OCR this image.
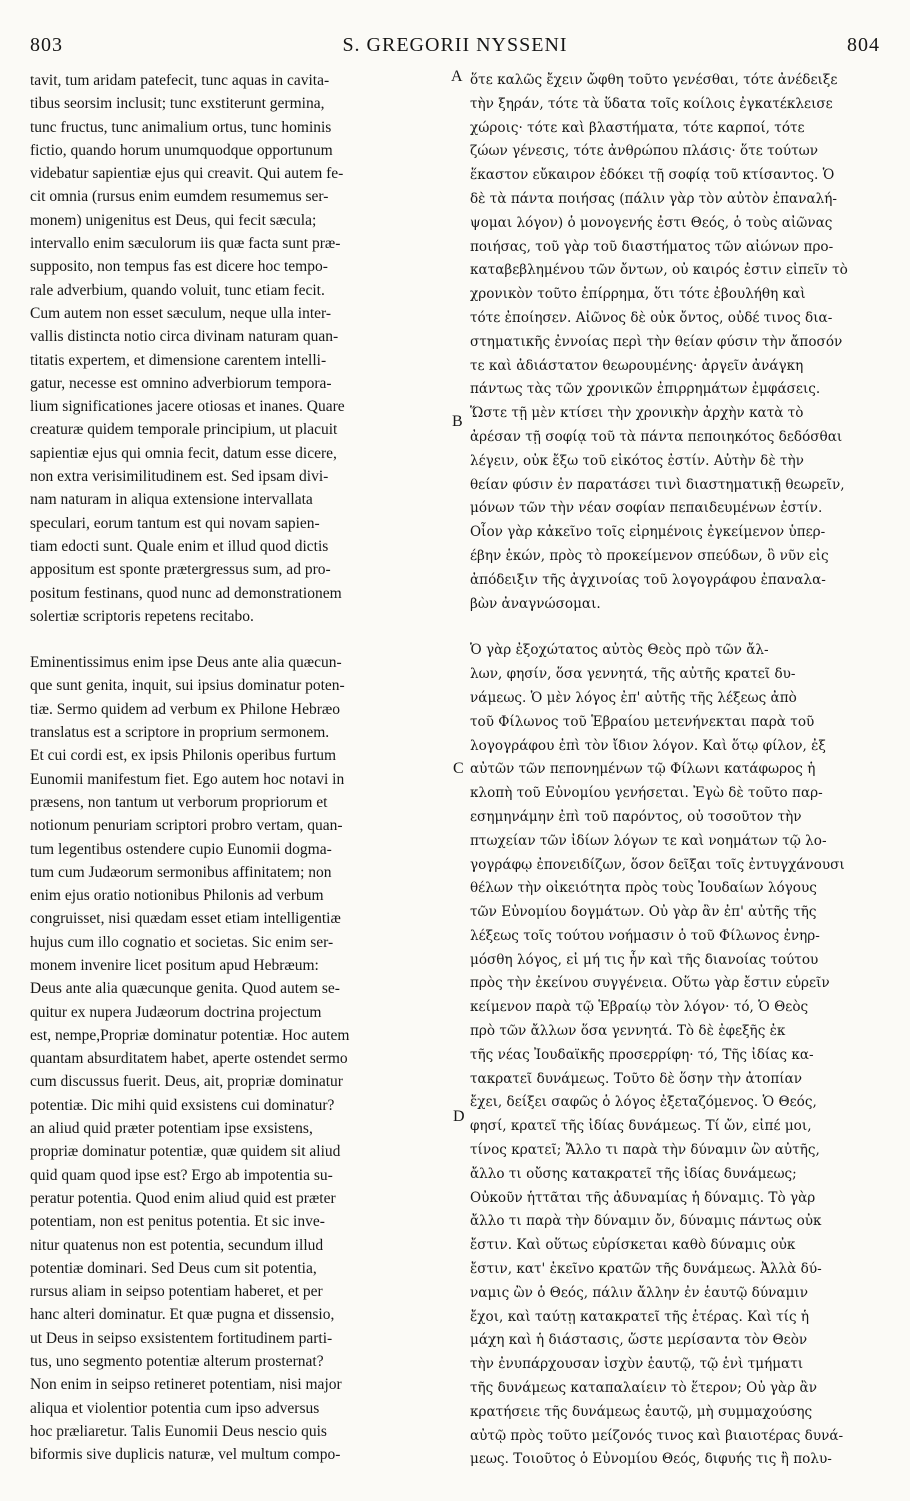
803	S. GREGORII NYSSENI	804
tavit, tum aridam patefecit, tunc aquas in cavita-
tibus seorsim inclusit; tunc exstiterunt germina,
tunc fructus, tunc animalium ortus, tunc hominis
fictio, quando horum unumquodque opportunum
videbatur sapientiæ ejus qui creavit. Qui autem fe-
cit omnia (rursus enim eumdem resumemus ser-
monem) unigenitus est Deus, qui fecit sæcula;
intervallo enim sæculorum iis quæ facta sunt præ-
supposito, non tempus fas est dicere hoc tempo-
rale adverbium, quando voluit, tunc etiam fecit.
Cum autem non esset sæculum, neque ulla inter-
vallis distincta notio circa divinam naturam quan-
titatis expertem, et dimensione carentem intelli-
gatur, necesse est omnino adverbiorum tempora-
lium significationes jacere otiosas et inanes. Quare
creaturæ quidem temporale principium, ut placuit
sapientiæ ejus qui omnia fecit, datum esse dicere,
non extra verisimilitudinem est. Sed ipsam divi-
nam naturam in aliqua extensione intervallata
speculari, eorum tantum est qui novam sapien-
tiam edocti sunt. Quale enim et illud quod dictis
appositum est sponte prætergressus sum, ad pro-
positum festinans, quod nunc ad demonstrationem
solertiæ scriptoris repetens recitabo.
Eminentissimus enim ipse Deus ante alia quæcun-
que sunt genita, inquit, sui ipsius dominatur poten-
tiæ. Sermo quidem ad verbum ex Philone Hebræo
translatus est a scriptore in proprium sermonem.
Et cui cordi est, ex ipsis Philonis operibus furtum
Eunomii manifestum fiet. Ego autem hoc notavi in
præsens, non tantum ut verborum propriorum et
notionum penuriam scriptori probro vertam, quan-
tum legentibus ostendere cupio Eunomii dogma-
tum cum Judæorum sermonibus affinitatem; non
enim ejus oratio notionibus Philonis ad verbum
congruisset, nisi quædam esset etiam intelligentiæ
hujus cum illo cognatio et societas. Sic enim ser-
monem invenire licet positum apud Hebræum:
Deus ante alia quæcunque genita. Quod autem se-
quitur ex nupera Judæorum doctrina projectum
est, nempe,Propriæ dominatur potentiæ. Hoc autem
quantam absurditatem habet, aperte ostendet sermo
cum discussus fuerit. Deus, ait, propriæ dominatur
potentiæ. Dic mihi quid exsistens cui dominatur?
an aliud quid præter potentiam ipse exsistens,
propriæ dominatur potentiæ, quæ quidem sit aliud
quid quam quod ipse est? Ergo ab impotentia su-
peratur potentia. Quod enim aliud quid est præter
potentiam, non est penitus potentia. Et sic inve-
nitur quatenus non est potentia, secundum illud
potentiæ dominari. Sed Deus cum sit potentia,
rursus aliam in seipso potentiam haberet, et per
hanc alteri dominatur. Et quæ pugna et dissensio,
ut Deus in seipso exsistentem fortitudinem parti-
tus, uno segmento potentiæ alterum prosternat?
Non enim in seipso retineret potentiam, nisi major
aliqua et violentior potentia cum ipso adversus
hoc præliaretur. Talis Eunomii Deus nescio quis
biformis sive duplicis naturæ, vel multum compo-
ὅτε καλῶς ἔχειν ὤφθη τοῦτο γενέσθαι, τότε ἀνέδειξε
τὴν ξηράν, τότε τὰ ὕδατα τοῖς κοίλοις ἐγκατέκλεισε
χώροις· τότε καὶ βλαστήματα, τότε καρποί, τότε
ζώων γένεσις, τότε ἀνθρώπου πλάσις· ὅτε τούτων
ἕκαστον εὔκαιρον ἐδόκει τῇ σοφίᾳ τοῦ κτίσαντος. Ὁ
δὲ τὰ πάντα ποιήσας (πάλιν γὰρ τὸν αὐτὸν ἐπαναλή-
ψομαι λόγον) ὁ μονογενής ἐστι Θεός, ὁ τοὺς αἰῶνας
ποιήσας, τοῦ γὰρ τοῦ διαστήματος τῶν αἰώνων προ-
καταβεβλημένου τῶν ὄντων, οὐ καιρός ἐστιν εἰπεῖν τὸ
χρονικὸν τοῦτο ἐπίρρημα, ὅτι τότε ἐβουλήθη καὶ
τότε ἐποίησεν. Αἰῶνος δὲ οὐκ ὄντος, οὐδέ τινος δια-
στηματικῆς ἐννοίας περὶ τὴν θείαν φύσιν τὴν ἄποσόν
τε καὶ ἀδιάστατον θεωρουμένης· ἀργεῖν ἀνάγκη
πάντως τὰς τῶν χρονικῶν ἐπιρρημάτων ἐμφάσεις.
Ὥστε τῇ μὲν κτίσει τὴν χρονικὴν ἀρχὴν κατὰ τὸ
ἀρέσαν τῇ σοφίᾳ τοῦ τὰ πάντα πεποιηκότος δεδόσθαι
λέγειν, οὐκ ἔξω τοῦ εἰκότος ἐστίν. Αὐτὴν δὲ τὴν
θείαν φύσιν ἐν παρατάσει τινὶ διαστηματικῇ θεωρεῖν,
μόνων τῶν τὴν νέαν σοφίαν πεπαιδευμένων ἐστίν.
Οἷον γὰρ κἀκεῖνο τοῖς εἰρημένοις ἐγκείμενον ὑπερ-
έβην ἑκών, πρὸς τὸ προκείμενον σπεύδων, ὃ νῦν εἰς
ἀπόδειξιν τῆς ἀγχινοίας τοῦ λογογράφου ἐπαναλα-
βὼν ἀναγνώσομαι.
Ὁ γὰρ ἐξοχώτατος αὐτὸς Θεὸς πρὸ τῶν ἄλ-
λων, φησίν, ὅσα γεννητά, τῆς αὐτῆς κρατεῖ δυ-
νάμεως. Ὁ μὲν λόγος ἐπ' αὐτῆς τῆς λέξεως ἀπὸ
τοῦ Φίλωνος τοῦ Ἑβραίου μετενήνεκται παρὰ τοῦ
λογογράφου ἐπὶ τὸν ἴδιον λόγον. Καὶ ὅτῳ φίλον, ἐξ
αὐτῶν τῶν πεπονημένων τῷ Φίλωνι κατάφωρος ἡ
κλοπὴ τοῦ Εὐνομίου γενήσεται. Ἐγὼ δὲ τοῦτο παρ-
εσημηνάμην ἐπὶ τοῦ παρόντος, οὐ τοσοῦτον τὴν
πτωχείαν τῶν ἰδίων λόγων τε καὶ νοημάτων τῷ λο-
γογράφῳ ἐπονειδίζων, ὅσον δεῖξαι τοῖς ἐντυγχάνουσι
θέλων τὴν οἰκειότητα πρὸς τοὺς Ἰουδαίων λόγους
τῶν Εὐνομίου δογμάτων. Οὐ γὰρ ἂν ἐπ' αὐτῆς τῆς
λέξεως τοῖς τούτου νοήμασιν ὁ τοῦ Φίλωνος ἐνηρ-
μόσθη λόγος, εἰ μή τις ἦν καὶ τῆς διανοίας τούτου
πρὸς τὴν ἐκείνου συγγένεια. Οὕτω γὰρ ἔστιν εὑρεῖν
κείμενον παρὰ τῷ Ἑβραίῳ τὸν λόγον· τό, Ὁ Θεὸς
πρὸ τῶν ἄλλων ὅσα γεννητά. Τὸ δὲ ἐφεξῆς ἐκ
τῆς νέας Ἰουδαϊκῆς προσερρίφη· τό, Τῆς ἰδίας κα-
τακρατεῖ δυνάμεως. Τοῦτο δὲ ὅσην τὴν ἀτοπίαν
ἔχει, δείξει σαφῶς ὁ λόγος ἐξεταζόμενος. Ὁ Θεός,
φησί, κρατεῖ τῆς ἰδίας δυνάμεως. Τί ὤν, εἰπέ μοι,
τίνος κρατεῖ; Ἄλλο τι παρὰ τὴν δύναμιν ὢν αὐτῆς,
ἄλλο τι οὔσης κατακρατεῖ τῆς ἰδίας δυνάμεως;
Οὐκοῦν ἡττᾶται τῆς ἀδυναμίας ἡ δύναμις. Τὸ γὰρ
ἄλλο τι παρὰ τὴν δύναμιν ὄν, δύναμις πάντως οὐκ
ἔστιν. Καὶ οὕτως εὑρίσκεται καθὸ δύναμις οὐκ
ἔστιν, κατ' ἐκεῖνο κρατῶν τῆς δυνάμεως. Ἀλλὰ δύ-
ναμις ὢν ὁ Θεός, πάλιν ἄλλην ἐν ἑαυτῷ δύναμιν
ἔχοι, καὶ ταύτῃ κατακρατεῖ τῆς ἑτέρας. Καὶ τίς ἡ
μάχη καὶ ἡ διάστασις, ὥστε μερίσαντα τὸν Θεὸν
τὴν ἐνυπάρχουσαν ἰσχὺν ἑαυτῷ, τῷ ἑνὶ τμήματι
τῆς δυνάμεως καταπαλαίειν τὸ ἕτερον; Οὐ γὰρ ἂν
κρατήσειε τῆς δυνάμεως ἑαυτῷ, μὴ συμμαχούσης
αὐτῷ πρὸς τοῦτο μείζονός τινος καὶ βιαιοτέρας δυνά-
μεως. Τοιοῦτος ὁ Εὐνομίου Θεός, διφυής τις ἢ πολυ-
A
B
C
D
